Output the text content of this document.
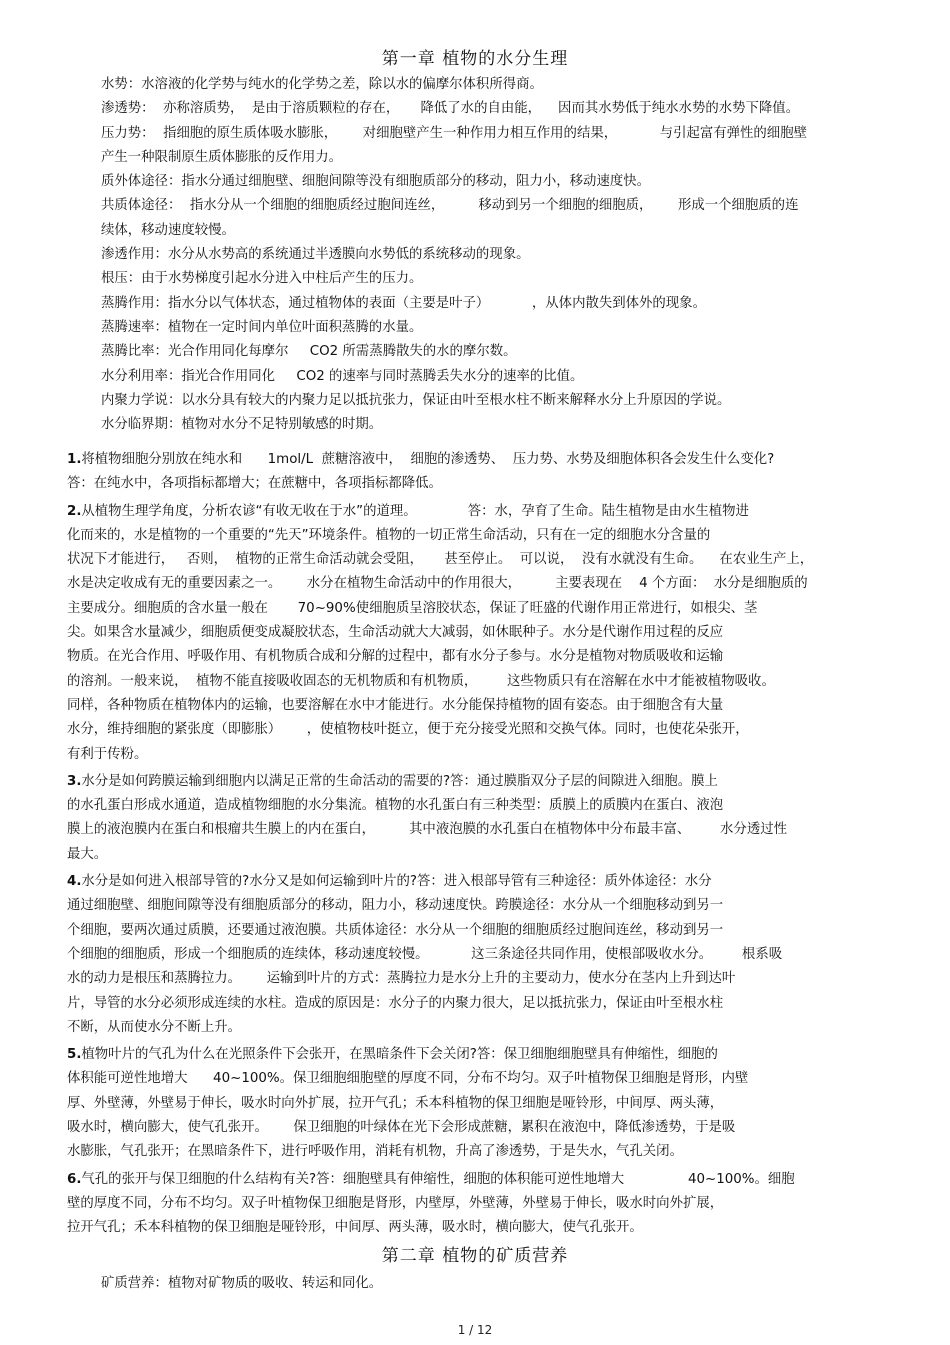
第一章 植物的水分生理

水势：水溶液的化学势与纯水的化学势之差，除以水的偏摩尔体积所得商。

渗透势：  亦称溶质势，  是由于溶质颗粒的存在，     降低了水的自由能，    因而其水势低于纯水水势的水势下降值。

压力势：  指细胞的原生质体吸水膨胀，      对细胞壁产生一种作用力相互作用的结果，          与引起富有弹性的细胞壁

产生一种限制原生质体膨胀的反作用力。

质外体途径：指水分通过细胞壁、细胞间隙等没有细胞质部分的移动，阻力小，移动速度快。

共质体途径：  指水分从一个细胞的细胞质经过胞间连丝，        移动到另一个细胞的细胞质，      形成一个细胞质的连

续体，移动速度较慢。

渗透作用：水分从水势高的系统通过半透膜向水势低的系统移动的现象。

根压：由于水势梯度引起水分进入中柱后产生的压力。

蒸腾作用：指水分以气体状态，通过植物体的表面（主要是叶子）          ，从体内散失到体外的现象。

蒸腾速率：植物在一定时间内单位叶面积蒸腾的水量。

蒸腾比率：光合作用同化每摩尔     CO2 所需蒸腾散失的水的摩尔数。

水分利用率：指光合作用同化     CO2 的速率与同时蒸腾丢失水分的速率的比值。

内聚力学说：以水分具有较大的内聚力足以抵抗张力，保证由叶至根水柱不断来解释水分上升原因的学说。

水分临界期：植物对水分不足特别敏感的时期。

1.将植物细胞分别放在纯水和      1mol/L  蔗糖溶液中，  细胞的渗透势、  压力势、水势及细胞体积各会发生什么变化?

答：在纯水中，各项指标都增大；在蔗糖中，各项指标都降低。

2.从植物生理学角度，分析农谚“有收无收在于水”的道理。            答：水，孕育了生命。陆生植物是由水生植物进

化而来的，水是植物的一个重要的“先天”环境条件。植物的一切正常生命活动，只有在一定的细胞水分含量的

状况下才能进行，   否则，  植物的正常生命活动就会受阻，     甚至停止。  可以说，  没有水就没有生命。    在农业生产上，

水是决定收成有无的重要因素之一。      水分在植物生命活动中的作用很大，        主要表现在    4 个方面：  水分是细胞质的

主要成分。细胞质的含水量一般在       70~90%使细胞质呈溶胶状态，保证了旺盛的代谢作用正常进行，如根尖、茎

尖。如果含水量减少，细胞质便变成凝胶状态，生命活动就大大减弱，如休眠种子。水分是代谢作用过程的反应

物质。在光合作用、呼吸作用、有机物质合成和分解的过程中，都有水分子参与。水分是植物对物质吸收和运输

的溶剂。一般来说，  植物不能直接吸收固态的无机物质和有机物质，       这些物质只有在溶解在水中才能被植物吸收。

同样，各种物质在植物体内的运输，也要溶解在水中才能进行。水分能保持植物的固有姿态。由于细胞含有大量

水分，维持细胞的紧张度（即膨胀）      ，使植物枝叶挺立，便于充分接受光照和交换气体。同时，也使花朵张开，

有利于传粉。

3.水分是如何跨膜运输到细胞内以满足正常的生命活动的需要的?答：通过膜脂双分子层的间隙进入细胞。膜上

的水孔蛋白形成水通道，造成植物细胞的水分集流。植物的水孔蛋白有三种类型：质膜上的质膜内在蛋白、液泡

膜上的液泡膜内在蛋白和根瘤共生膜上的内在蛋白，        其中液泡膜的水孔蛋白在植物体中分布最丰富、       水分透过性

最大。

4.水分是如何进入根部导管的?水分又是如何运输到叶片的?答：进入根部导管有三种途径：质外体途径：水分

通过细胞壁、细胞间隙等没有细胞质部分的移动，阻力小，移动速度快。跨膜途径：水分从一个细胞移动到另一

个细胞，要两次通过质膜，还要通过液泡膜。共质体途径：水分从一个细胞的细胞质经过胞间连丝，移动到另一

个细胞的细胞质，形成一个细胞质的连续体，移动速度较慢。          这三条途径共同作用，使根部吸收水分。       根系吸

水的动力是根压和蒸腾拉力。      运输到叶片的方式：蒸腾拉力是水分上升的主要动力，使水分在茎内上升到达叶

片，导管的水分必须形成连续的水柱。造成的原因是：水分子的内聚力很大，足以抵抗张力，保证由叶至根水柱

不断，从而使水分不断上升。

5.植物叶片的气孔为什么在光照条件下会张开，在黑暗条件下会关闭?答：保卫细胞细胞壁具有伸缩性，细胞的

体积能可逆性地增大      40~100%。保卫细胞细胞壁的厚度不同，分布不均匀。双子叶植物保卫细胞是肾形，内壁

厚、外壁薄，外壁易于伸长，吸水时向外扩展，拉开气孔；禾本科植物的保卫细胞是哑铃形，中间厚、两头薄，

吸水时，横向膨大，使气孔张开。      保卫细胞的叶绿体在光下会形成蔗糖，累积在液泡中，降低渗透势，于是吸

水膨胀，气孔张开；在黑暗条件下，进行呼吸作用，消耗有机物，升高了渗透势，于是失水，气孔关闭。

6.气孔的张开与保卫细胞的什么结构有关?答：细胞壁具有伸缩性，细胞的体积能可逆性地增大               40~100%。细胞

壁的厚度不同，分布不均匀。双子叶植物保卫细胞是肾形，内壁厚，外壁薄，外壁易于伸长，吸水时向外扩展，

拉开气孔；禾本科植物的保卫细胞是哑铃形，中间厚、两头薄，吸水时，横向膨大，使气孔张开。

第二章 植物的矿质营养

矿质营养：植物对矿物质的吸收、转运和同化。

1 / 12
